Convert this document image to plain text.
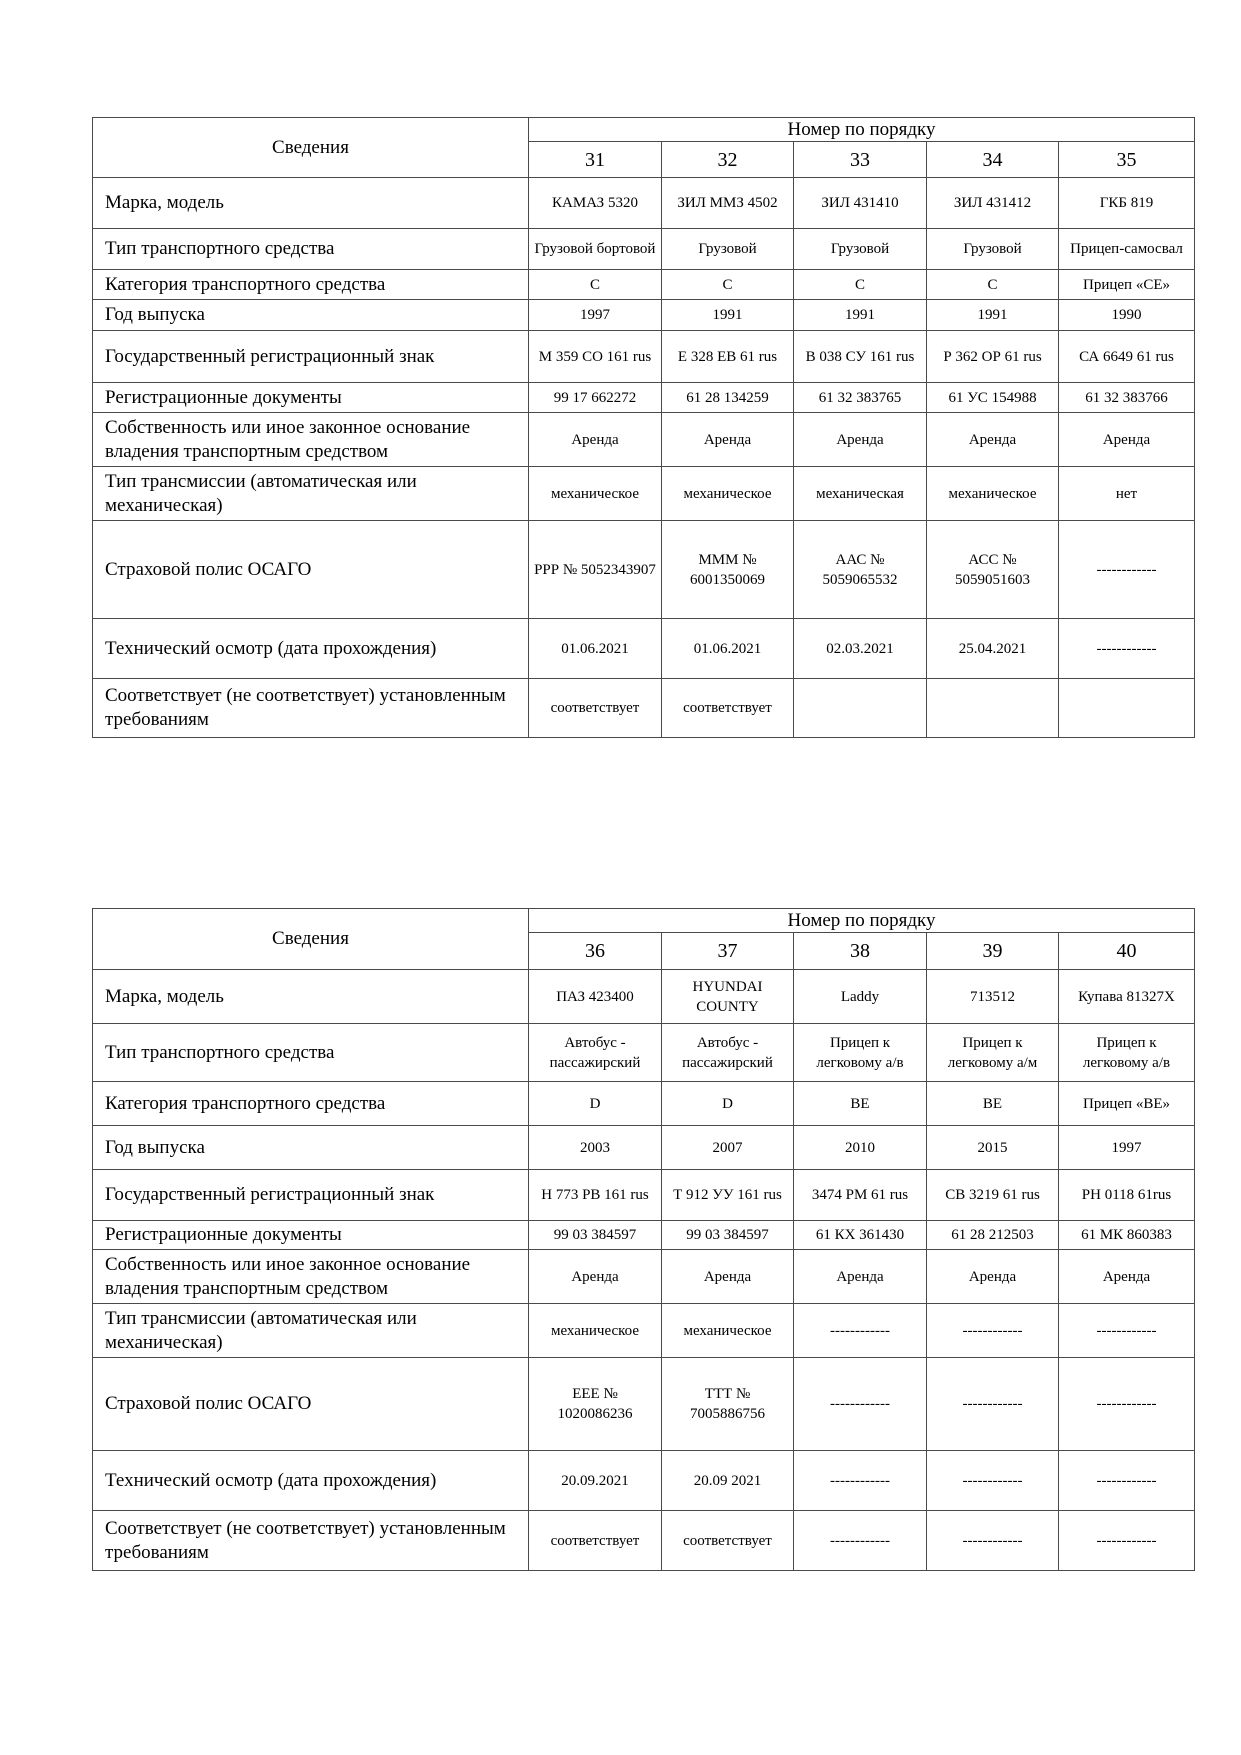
Сведения	Номер по порядку				
	31	32	33	34	35
Марка, модель	КАМАЗ 5320	ЗИЛ ММЗ 4502	ЗИЛ 431410	ЗИЛ 431412	ГКБ 819
Тип транспортного средства	Грузовой бортовой	Грузовой	Грузовой	Грузовой	Прицеп-самосвал
Категория транспортного средства	С	С	С	С	Прицеп «СЕ»
Год выпуска	1997	1991	1991	1991	1990
Государственный регистрационный знак	М 359 СО 161 rus	Е 328 ЕВ 61 rus	В 038 СУ 161 rus	Р 362 ОР 61 rus	СА 6649 61 rus
Регистрационные документы	99 17 662272	61 28 134259	61 32 383765	61 УС 154988	61 32 383766
Собственность или иное законное основание владения транспортным средством	Аренда	Аренда	Аренда	Аренда	Аренда
Тип трансмиссии (автоматическая или механическая)	механическое	механическое	механическая	механическое	нет
Страховой полис ОСАГО	РРР № 5052343907	МММ № 6001350069	ААС № 5059065532	АСС № 5059051603	------------
Технический осмотр (дата прохождения)	01.06.2021	01.06.2021	02.03.2021	25.04.2021	------------
Соответствует (не соответствует) установленным требованиям	соответствует	соответствует			
Сведения	Номер по порядку				
	36	37	38	39	40
Марка, модель	ПАЗ 423400	HYUNDAI COUNTY	Laddy	713512	Купава 81327Х
Тип транспортного средства	Автобус - пассажирский	Автобус - пассажирский	Прицеп к легковому а/в	Прицеп к легковому а/м	Прицеп к легковому а/в
Категория транспортного средства	D	D	ВЕ	ВЕ	Прицеп «ВЕ»
Год выпуска	2003	2007	2010	2015	1997
Государственный регистрационный знак	Н 773 РВ 161 rus	Т 912 УУ 161 rus	3474 РМ 61 rus	СВ 3219 61 rus	РН 0118 61rus
Регистрационные документы	99 03 384597	99 03 384597	61 КХ 361430	61 28 212503	61 МК 860383
Собственность или иное законное основание владения транспортным средством	Аренда	Аренда	Аренда	Аренда	Аренда
Тип трансмиссии (автоматическая или механическая)	механическое	механическое	------------	------------	------------
Страховой полис ОСАГО	ЕЕЕ № 1020086236	ТТТ № 7005886756	------------	------------	------------
Технический осмотр (дата прохождения)	20.09.2021	20.09 2021	------------	------------	------------
Соответствует (не соответствует) установленным требованиям	соответствует	соответствует	------------	------------	------------
